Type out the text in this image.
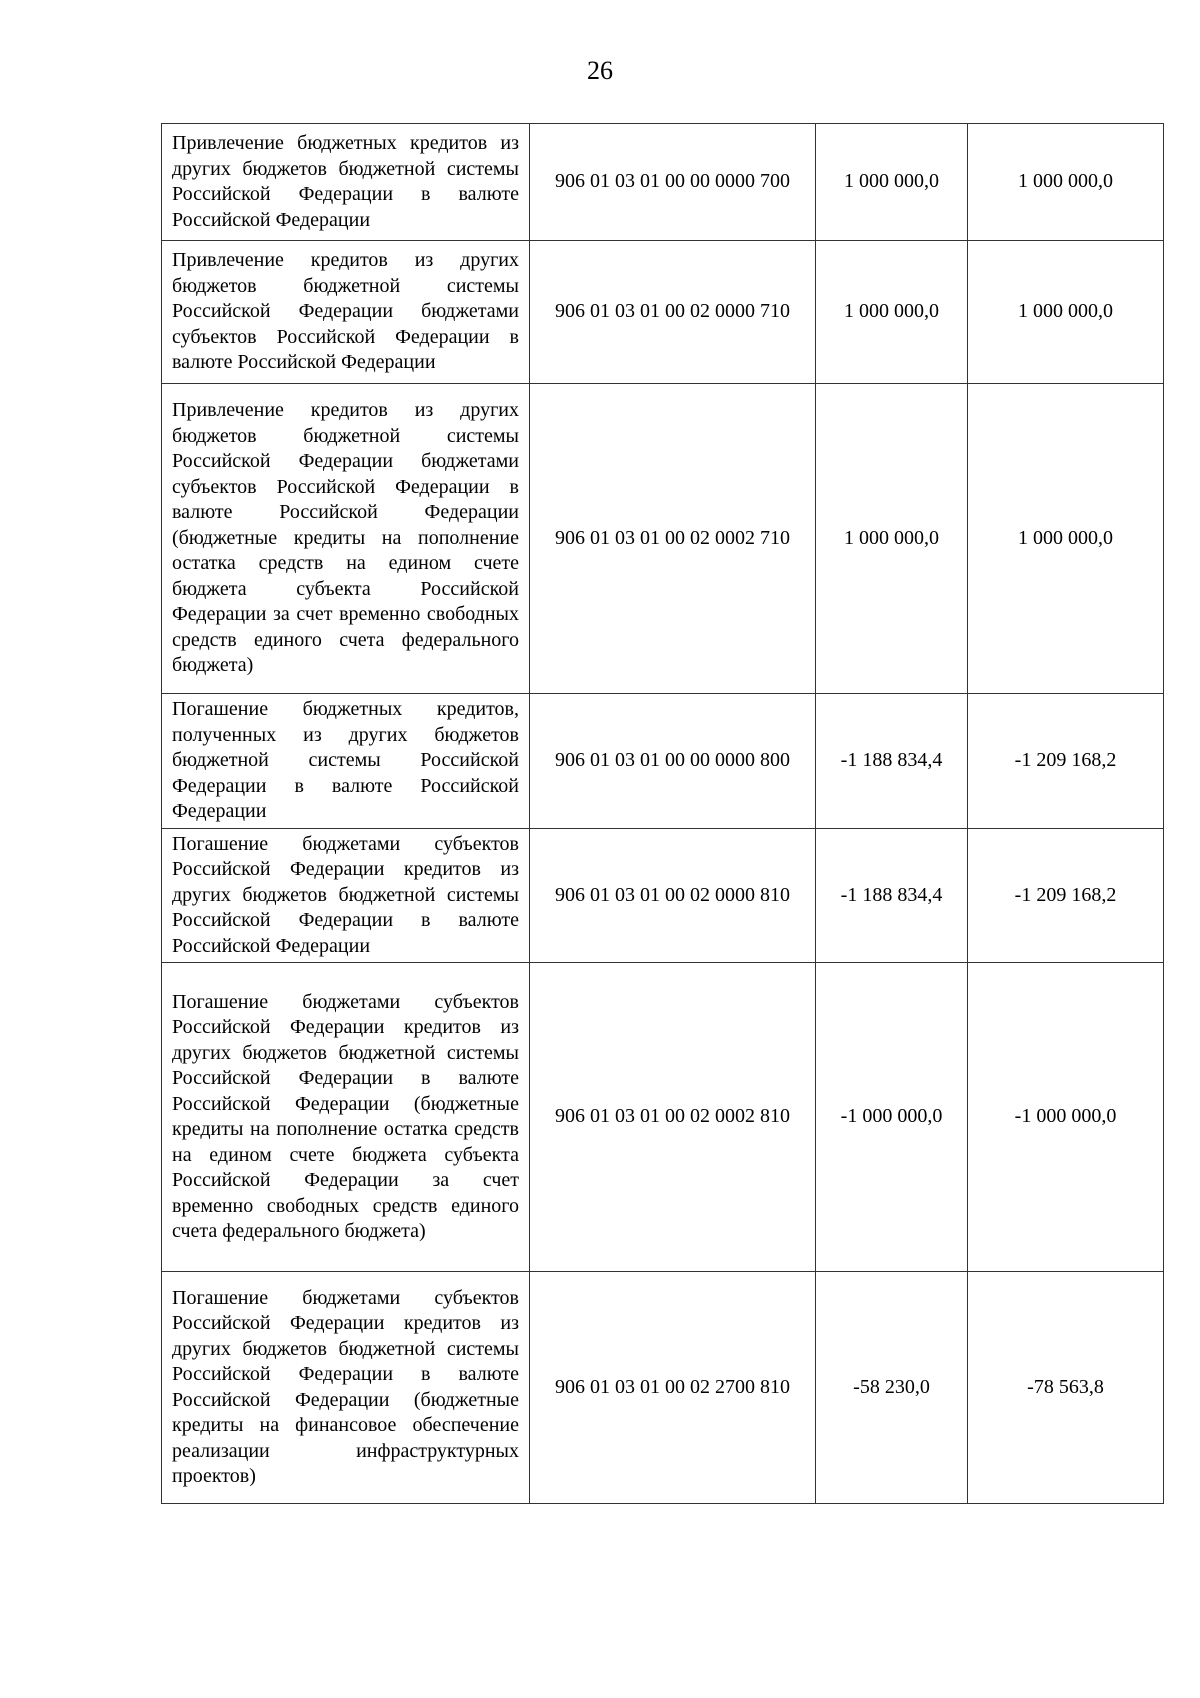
26
Привлечение бюджетных кредитов из других бюджетов бюджетной системы Российской Федерации в валюте Российской Федерации	906 01 03 01 00 00 0000 700	1 000 000,0	1 000 000,0
Привлечение кредитов из других бюджетов бюджетной системы Российской Федерации бюджетами субъектов Российской Федерации в валюте Российской Федерации	906 01 03 01 00 02 0000 710	1 000 000,0	1 000 000,0
Привлечение кредитов из других бюджетов бюджетной системы Российской Федерации бюджетами субъектов Российской Федерации в валюте Российской Федерации (бюджетные кредиты на пополнение остатка средств на едином счете бюджета субъекта Российской Федерации за счет временно свободных средств единого счета федерального бюджета)	906 01 03 01 00 02 0002 710	1 000 000,0	1 000 000,0
Погашение бюджетных кредитов, полученных из других бюджетов бюджетной системы Российской Федерации в валюте Российской Федерации	906 01 03 01 00 00 0000 800	-1 188 834,4	-1 209 168,2
Погашение бюджетами субъектов Российской Федерации кредитов из других бюджетов бюджетной системы Российской Федерации в валюте Российской Федерации	906 01 03 01 00 02 0000 810	-1 188 834,4	-1 209 168,2
Погашение бюджетами субъектов Российской Федерации кредитов из других бюджетов бюджетной системы Российской Федерации в валюте Российской Федерации (бюджетные кредиты на пополнение остатка средств на едином счете бюджета субъекта Российской Федерации за счет временно свободных средств единого счета федерального бюджета)	906 01 03 01 00 02 0002 810	-1 000 000,0	-1 000 000,0
Погашение бюджетами субъектов Российской Федерации кредитов из других бюджетов бюджетной системы Российской Федерации в валюте Российской Федерации (бюджетные кредиты на финансовое обеспечение реализации инфраструктурных проектов)	906 01 03 01 00 02 2700 810	-58 230,0	-78 563,8
